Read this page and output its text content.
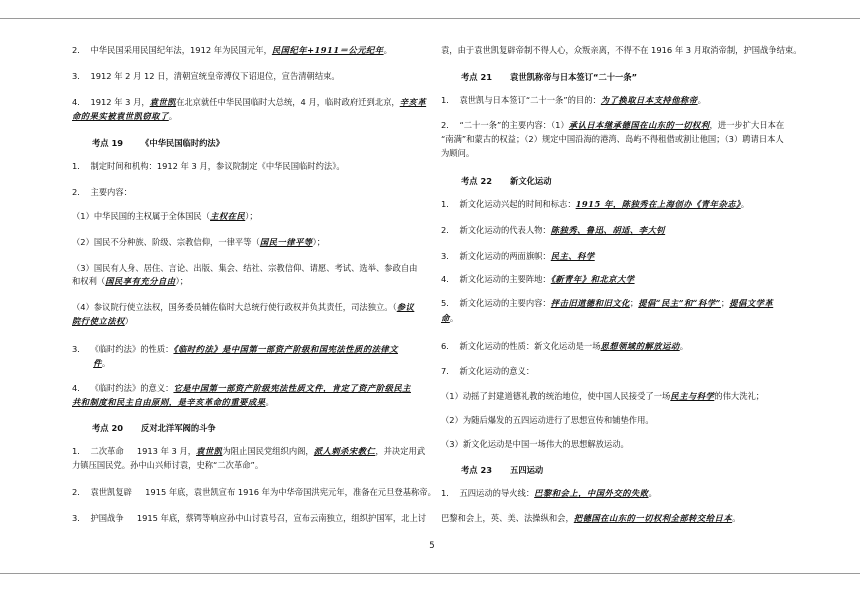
2.    中华民国采用民国纪年法，1912 年为民国元年，民国纪年+1911＝公元纪年。
3.    1912 年 2 月 12 日，清朝宣统皇帝溥仪下诏退位，宣告清朝结束。
4.    1912 年 3 月，袁世凯在北京就任中华民国临时大总统，4 月，临时政府迁到北京，辛亥革
命的果实被袁世凯窃取了。
考点 19 《中华民国临时约法》
1.    制定时间和机构：1912 年 3 月，参议院制定《中华民国临时约法》。
2.    主要内容：
（1）中华民国的主权属于全体国民（主权在民）；
（2）国民不分种族、阶级、宗教信仰，一律平等（国民一律平等）；
（3）国民有人身、居住、言论、出版、集会、结社、宗教信仰、请愿、考试、选举、参政自由
和权利（国民享有充分自由）；
（4）参议院行使立法权，国务委员辅佐临时大总统行使行政权并负其责任，司法独立。（参议
院行使立法权）
3.    《临时约法》的性质：《临时约法》是中国第一部资产阶级和国宪法性质的法律文
件。
4.    《临时约法》的意义：它是中国第一部资产阶级宪法性质文件，肯定了资产阶级民主
共和制度和民主自由原则，是辛亥革命的重要成果。
考点 20 反对北洋军阀的斗争
1.    二次革命     1913 年 3 月，袁世凯为阻止国民党组织内阁，派人刺杀宋教仁，并决定用武
力镇压国民党。孙中山兴师讨袁，史称“二次革命”。
2.    袁世凯复辟     1915 年底，袁世凯宣布 1916 年为中华帝国洪宪元年，准备在元旦登基称帝。
3.    护国战争     1915 年底，蔡锷等响应孙中山讨袁号召，宣布云南独立，组织护国军，北上讨
袁，由于袁世凯复辟帝制不得人心，众叛亲离，不得不在 1916 年 3 月取消帝制，护国战争结束。
考点 21 袁世凯称帝与日本签订“二十一条”
1.    袁世凯与日本签订“二十一条”的目的：为了换取日本支持他称帝。
2.    “二十一条”的主要内容：（1）承认日本继承德国在山东的一切权利，进一步扩大日本在
“南满”和蒙古的权益；（2）规定中国沿海的港湾、岛屿不得租借或割让他国；（3）聘请日本人
为顾问。
考点 22 新文化运动
1.    新文化运动兴起的时间和标志：1915 年，陈独秀在上海创办《青年杂志》。
2.    新文化运动的代表人物：陈独秀、鲁迅、胡适、李大钊
3.    新文化运动的两面旗帜：民主、科学
4.    新文化运动的主要阵地：《新青年》和北京大学
5.    新文化运动的主要内容：抨击旧道德和旧文化；提倡“民主”和“科学”；提倡文学革
命。
6.    新文化运动的性质：新文化运动是一场思想领域的解放运动。
7.    新文化运动的意义：
（1）动摇了封建道德礼教的统治地位，使中国人民接受了一场民主与科学的伟大洗礼；
（2）为随后爆发的五四运动进行了思想宣传和铺垫作用。
（3）新文化运动是中国一场伟大的思想解放运动。
考点 23 五四运动
1.    五四运动的导火线：巴黎和会上，中国外交的失败。
巴黎和会上，英、美、法操纵和会，把德国在山东的一切权利全部转交给日本。
5
